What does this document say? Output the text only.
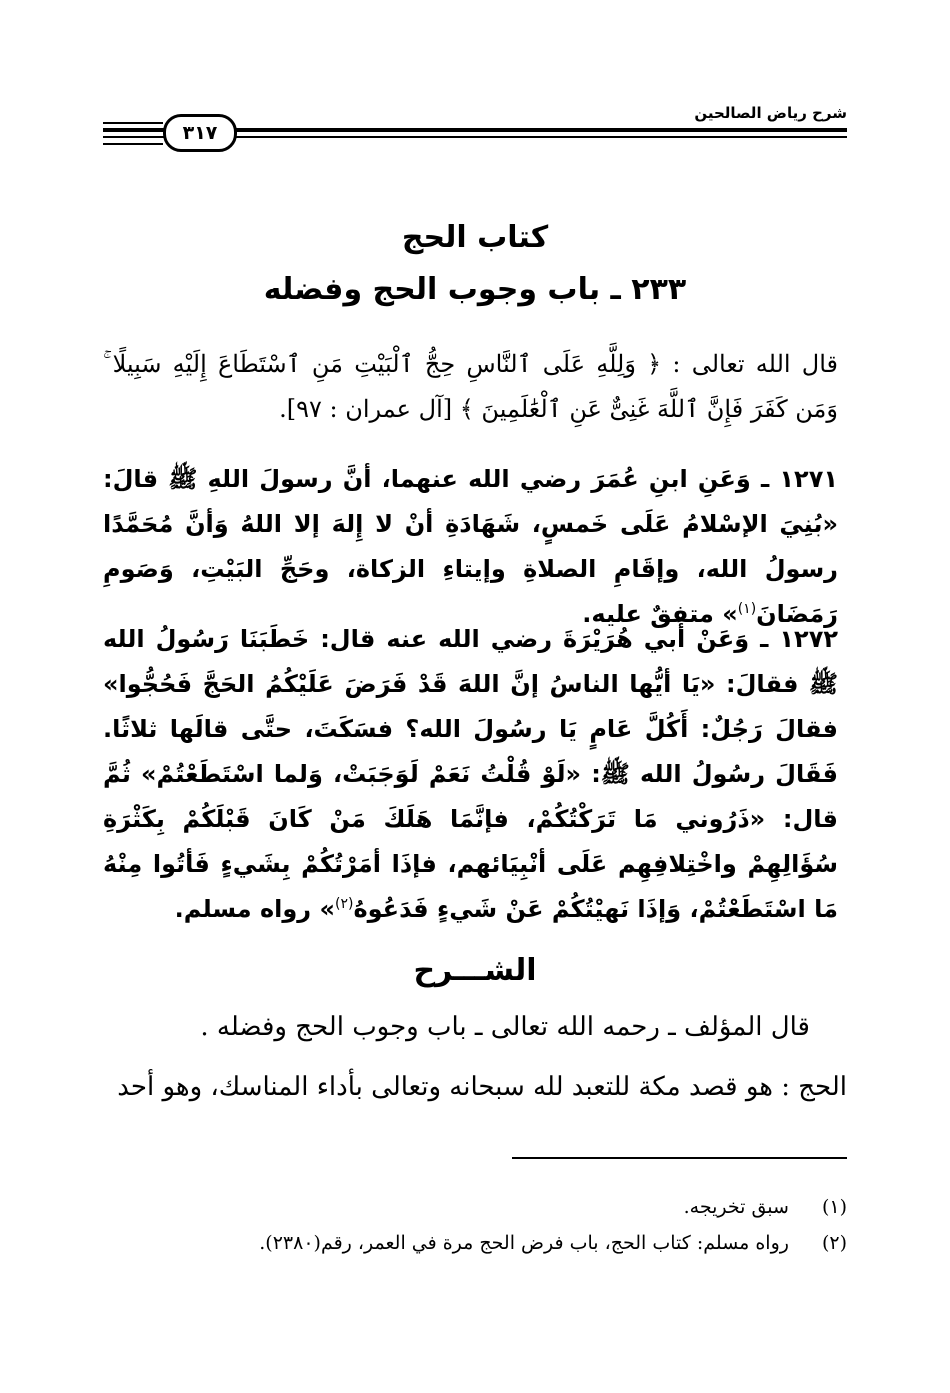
شرح رياض الصالحين
٣١٧
كتاب الحج
٢٣٣ ـ باب وجوب الحج وفضله
قال الله تعالى : ﴿ وَلِلَّهِ عَلَى ٱلنَّاسِ حِجُّ ٱلْبَيْتِ مَنِ ٱسْتَطَاعَ إِلَيْهِ سَبِيلًا ۚ وَمَن كَفَرَ فَإِنَّ ٱللَّهَ غَنِىٌّ عَنِ ٱلْعَٰلَمِينَ ﴾ [آل عمران : ٩٧].
١٢٧١ ـ وَعَنِ ابنِ عُمَرَ رضي الله عنهما، أنَّ رسولَ اللهِ ﷺ قالَ: «بُنِيَ الإسْلامُ عَلَى خَمسٍ، شَهَادَةِ أنْ لا إِلهَ إلا اللهُ وَأنَّ مُحَمَّدًا رسولُ الله، وإقَامِ الصلاةِ وإيتاءِ الزكاة، وحَجِّ البَيْتِ، وَصَومِ رَمَضَانَ$^{(١)}$» متفقٌ عليه.
١٢٧٢ ـ وَعَنْ أَبي هُرَيْرَةَ رضي الله عنه قال: خَطَبَنَا رَسُولُ الله ﷺ فقالَ: «يَا أيُّها الناسُ إنَّ اللهَ قَدْ فَرَضَ عَلَيْكُمُ الحَجَّ فَحُجُّوا» فقالَ رَجُلٌ: أَكُلَّ عَامٍ يَا رسُولَ الله؟ فسَكَتَ، حتَّى قالَها ثلاثًا. فَقَالَ رسُولُ الله ﷺ: «لَوْ قُلْتُ نَعَمْ لَوَجَبَتْ، وَلما اسْتَطَعْتُمْ» ثُمَّ قال: «ذَرُوني مَا تَرَكْتُكُمْ، فإنَّمَا هَلَكَ مَنْ كَانَ قَبْلَكُمْ بِكَثْرَةِ سُؤَالِهِمْ واخْتِلافِهِم عَلَى أنْبِيَائهم، فإذَا أمَرْتُكُمْ بِشَيءٍ فَأتُوا مِنْهُ مَا اسْتَطَعْتُمْ، وَإذَا نَهيْتُكُمْ عَنْ شَيءٍ فَدَعُوهُ$^{(٢)}$» رواه مسلم.
الشـــرح
قال المؤلف ـ رحمه الله تعالى ـ باب وجوب الحج وفضله .
الحج : هو قصد مكة للتعبد لله سبحانه وتعالى بأداء المناسك، وهو أحد
(١) سبق تخريجه.
(٢) رواه مسلم: كتاب الحج، باب فرض الحج مرة في العمر، رقم(٢٣٨٠).
